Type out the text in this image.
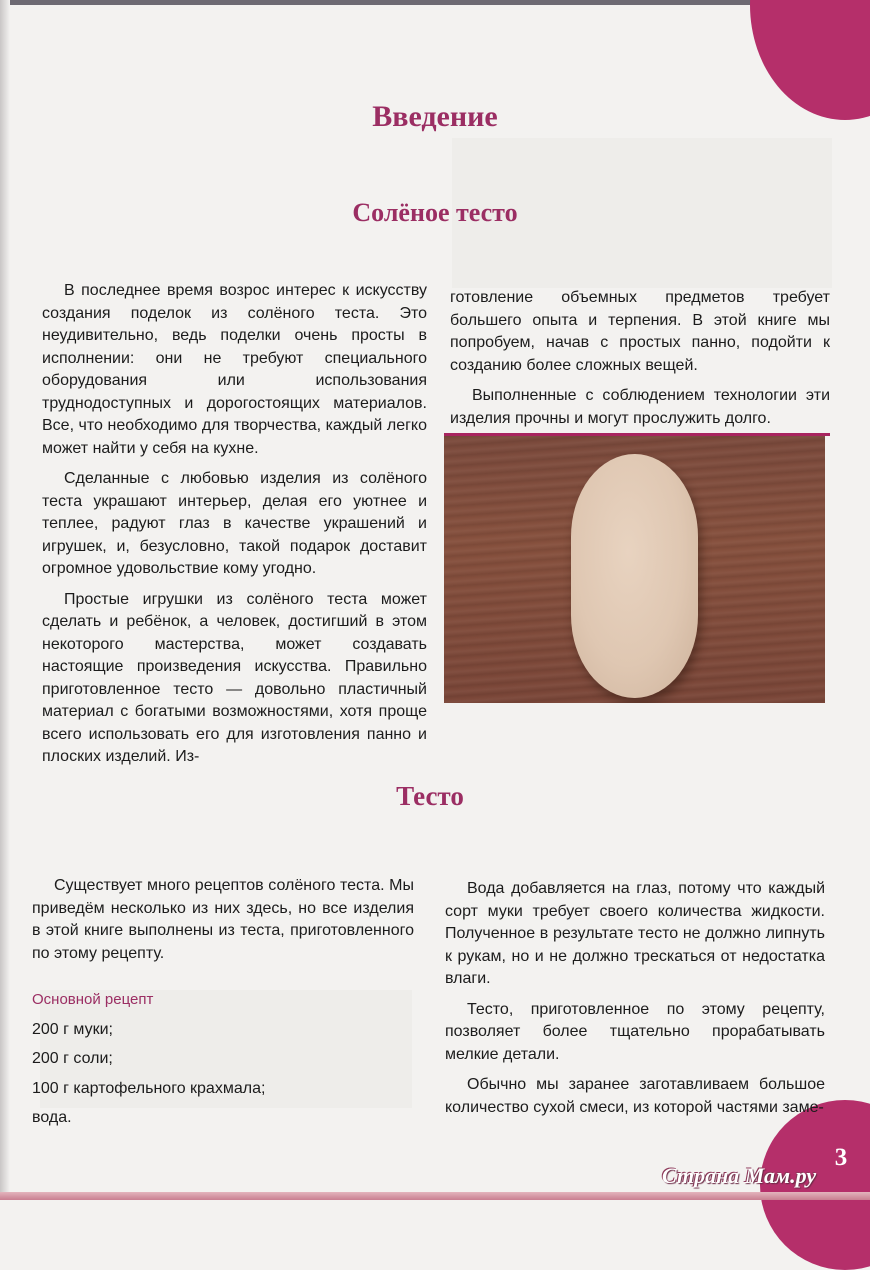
Введение
Солёное тесто

В последнее время возрос интерес к искусству создания поделок из солёного теста. Это неудивительно, ведь поделки очень просты в исполнении: они не требуют специального оборудования или использования труднодоступных и дорогостоящих материалов. Все, что необходимо для творчества, каждый легко может найти у себя на кухне.

Сделанные с любовью изделия из солёного теста украшают интерьер, делая его уютнее и теплее, радуют глаз в качестве украшений и игрушек, и, безусловно, такой подарок доставит огромное удовольствие кому угодно.

Простые игрушки из солёного теста может сделать и ребёнок, а человек, достигший в этом некоторого мастерства, может создавать настоящие произведения искусства. Правильно приготовленное тесто — довольно пластичный материал с богатыми возможностями, хотя проще всего использовать его для изготовления панно и плоских изделий. Из-

готовление объемных предметов требует большего опыта и терпения. В этой книге мы попробуем, начав с простых панно, подойти к созданию более сложных вещей.

Выполненные с соблюдением технологии эти изделия прочны и могут прослужить долго.

Тесто

Существует много рецептов солёного теста. Мы приведём несколько из них здесь, но все изделия в этой книге выполнены из теста, приготовленного по этому рецепту.

Основной рецепт

200 г муки;

200 г соли;

100 г картофельного крахмала;

вода.

Вода добавляется на глаз, потому что каждый сорт муки требует своего количества жидкости. Полученное в результате тесто не должно липнуть к рукам, но и не должно трескаться от недостатка влаги.

Тесто, приготовленное по этому рецепту, позволяет более тщательно прорабатывать мелкие детали.

Обычно мы заранее заготавливаем большое количество сухой смеси, из которой частями заме-

3
Страна Мам.ру
